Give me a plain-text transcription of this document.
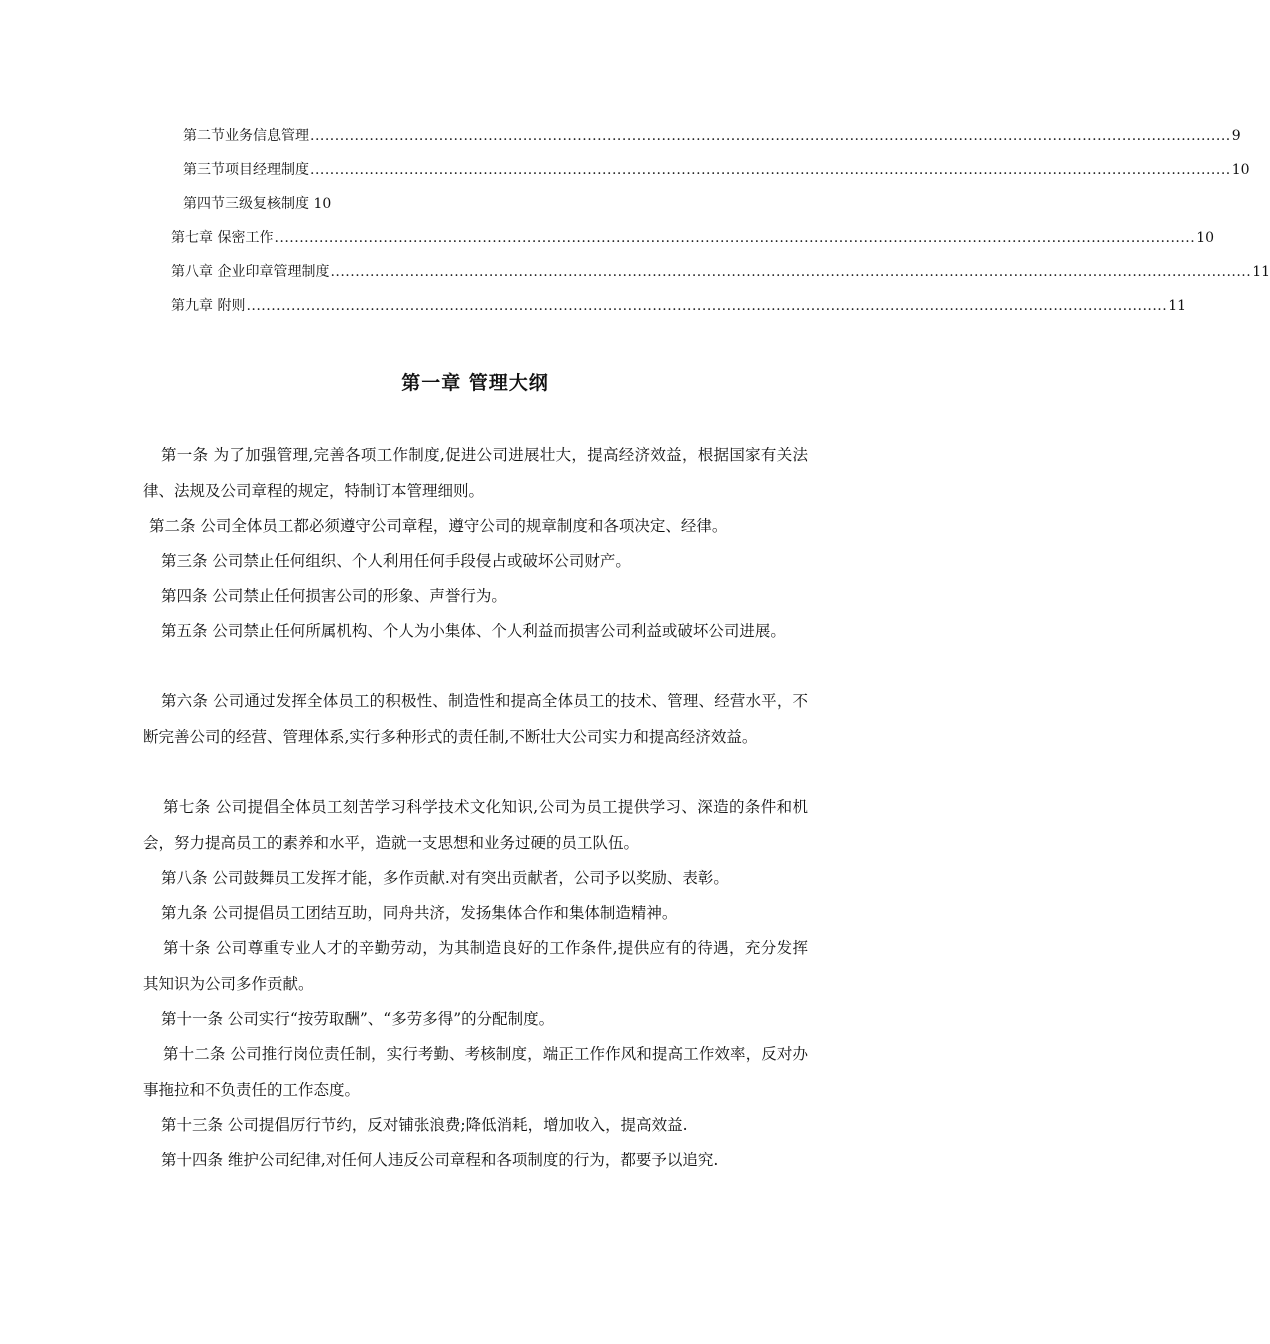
第二节业务信息管理 .......................................................................................................................................................................................... 9
第三节项目经理制度 .......................................................................................................................................................................................... 10
第四节三级复核制度 10
第七章 保密工作 .......................................................................................................................................................................................... 10
第八章 企业印章管理制度 .......................................................................................................................................................................................... 11
第九章 附则 .......................................................................................................................................................................................... 11
第一章 管理大纲

第一条 为了加强管理,完善各项工作制度,促进公司进展壮大，提高经济效益，根据国家有关法律、法规及公司章程的规定，特制订本管理细则。

第二条 公司全体员工都必须遵守公司章程，遵守公司的规章制度和各项决定、经律。

第三条 公司禁止任何组织、个人利用任何手段侵占或破坏公司财产。

第四条 公司禁止任何损害公司的形象、声誉行为。

第五条 公司禁止任何所属机构、个人为小集体、个人利益而损害公司利益或破坏公司进展。

第六条 公司通过发挥全体员工的积极性、制造性和提高全体员工的技术、管理、经营水平，不断完善公司的经营、管理体系,实行多种形式的责任制,不断壮大公司实力和提高经济效益。

第七条 公司提倡全体员工刻苦学习科学技术文化知识,公司为员工提供学习、深造的条件和机会，努力提高员工的素养和水平，造就一支思想和业务过硬的员工队伍。

第八条 公司鼓舞员工发挥才能，多作贡献.对有突出贡献者，公司予以奖励、表彰。

第九条 公司提倡员工团结互助，同舟共济，发扬集体合作和集体制造精神。

第十条 公司尊重专业人才的辛勤劳动，为其制造良好的工作条件,提供应有的待遇，充分发挥其知识为公司多作贡献。

第十一条 公司实行“按劳取酬”、“多劳多得”的分配制度。

第十二条 公司推行岗位责任制，实行考勤、考核制度，端正工作作风和提高工作效率，反对办事拖拉和不负责任的工作态度。

第十三条 公司提倡厉行节约，反对铺张浪费;降低消耗，增加收入，提高效益.

第十四条 维护公司纪律,对任何人违反公司章程和各项制度的行为，都要予以追究.
